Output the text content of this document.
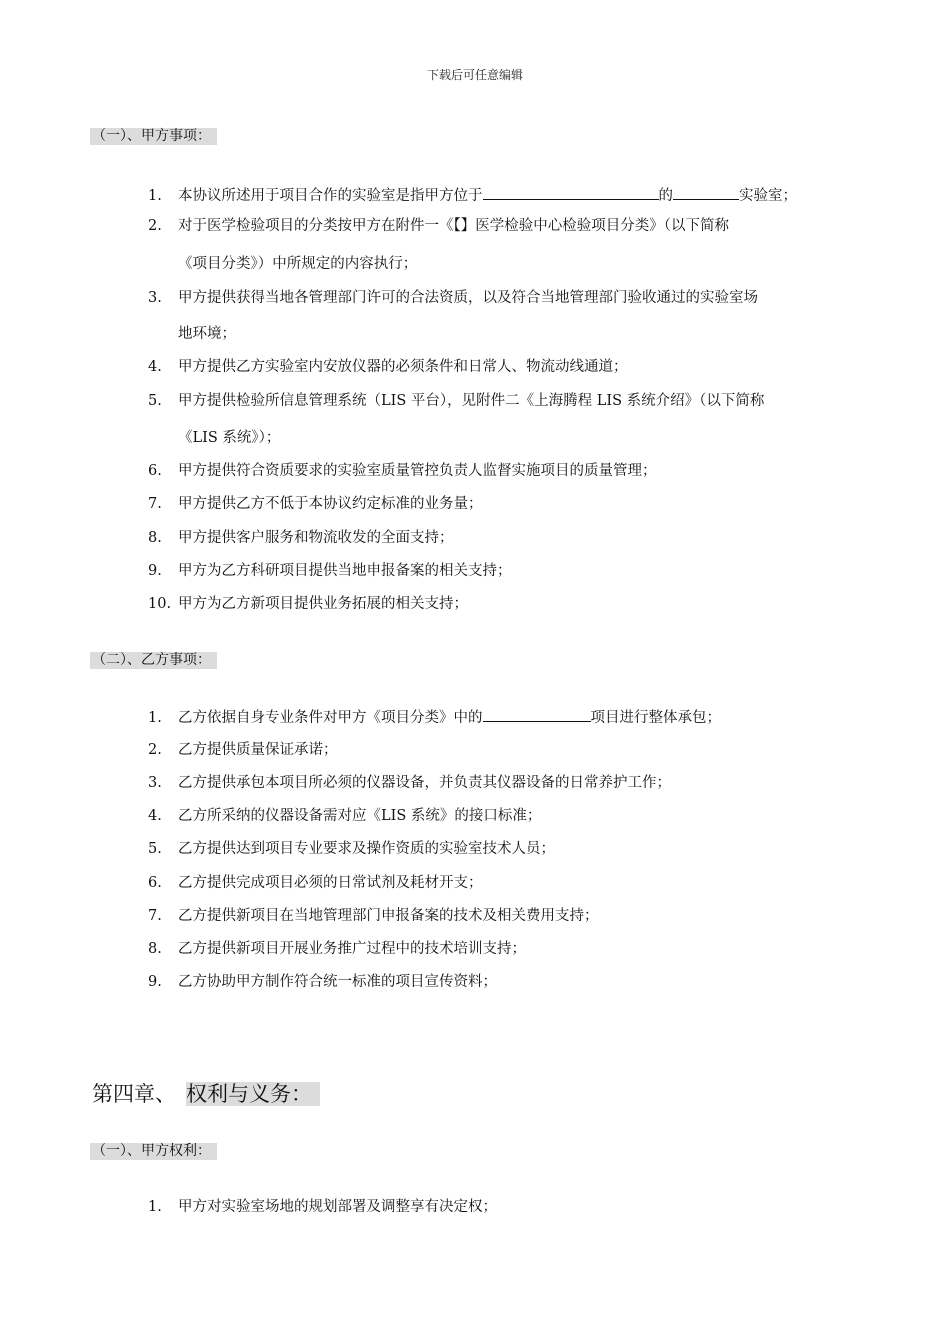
下载后可任意编辑
（一）、甲方事项：
1. 本协议所述用于项目合作的实验室是指甲方位于	的	实验室；
2. 对于医学检验项目的分类按甲方在附件一《【】医学检验中心检验项目分类》（以下简称
《项目分类》）中所规定的内容执行；
3. 甲方提供获得当地各管理部门许可的合法资质，以及符合当地管理部门验收通过的实验室场
地环境；
4. 甲方提供乙方实验室内安放仪器的必须条件和日常人、物流动线通道；
5. 甲方提供检验所信息管理系统（LIS 平台），见附件二《上海腾程 LIS 系统介绍》（以下简称
《LIS 系统》）；
6. 甲方提供符合资质要求的实验室质量管控负责人监督实施项目的质量管理；
7. 甲方提供乙方不低于本协议约定标准的业务量；
8. 甲方提供客户服务和物流收发的全面支持；
9. 甲方为乙方科研项目提供当地申报备案的相关支持；
10. 甲方为乙方新项目提供业务拓展的相关支持；
（二）、乙方事项：
1. 乙方依据自身专业条件对甲方《项目分类》中的	项目进行整体承包；
2. 乙方提供质量保证承诺；
3. 乙方提供承包本项目所必须的仪器设备，并负责其仪器设备的日常养护工作；
4. 乙方所采纳的仪器设备需对应《LIS 系统》的接口标准；
5. 乙方提供达到项目专业要求及操作资质的实验室技术人员；
6. 乙方提供完成项目必须的日常试剂及耗材开支；
7. 乙方提供新项目在当地管理部门申报备案的技术及相关费用支持；
8. 乙方提供新项目开展业务推广过程中的技术培训支持；
9. 乙方协助甲方制作符合统一标准的项目宣传资料；
第四章、 权利与义务：
（一）、甲方权利：
1. 甲方对实验室场地的规划部署及调整享有决定权；
